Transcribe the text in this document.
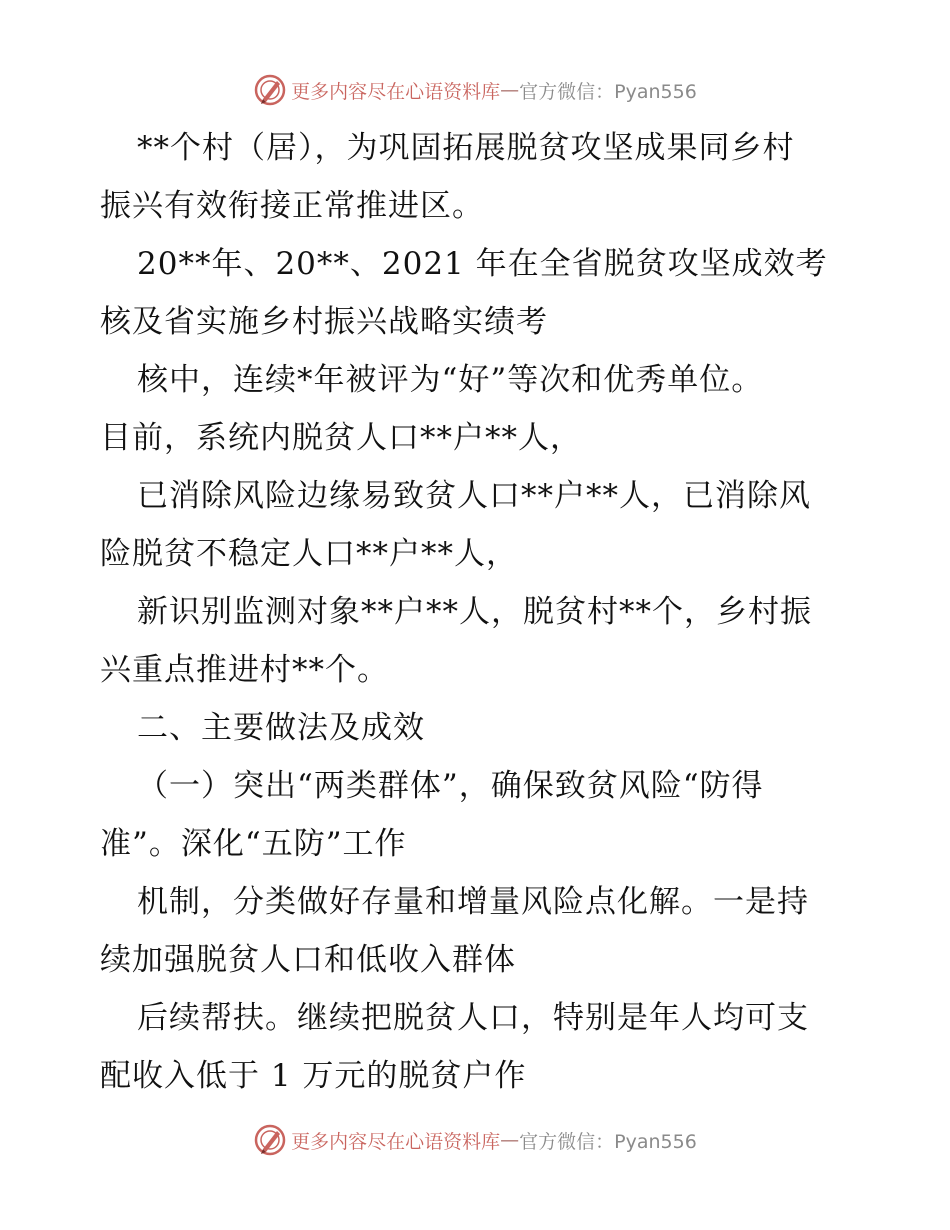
更多内容尽在心语资料库 — 官方微信：Pyan556
**个村（居），为巩固拓展脱贫攻坚成果同乡村
振兴有效衔接正常推进区。
20**年、20**、2021 年在全省脱贫攻坚成效考
核及省实施乡村振兴战略实绩考
核中，连续*年被评为“好”等次和优秀单位。
目前，系统内脱贫人口**户**人，
已消除风险边缘易致贫人口**户**人，已消除风
险脱贫不稳定人口**户**人，
新识别监测对象**户**人，脱贫村**个，乡村振
兴重点推进村**个。
二、主要做法及成效
（一）突出“两类群体”，确保致贫风险“防得
准”。深化“五防”工作
机制，分类做好存量和增量风险点化解。一是持
续加强脱贫人口和低收入群体
后续帮扶。继续把脱贫人口，特别是年人均可支
配收入低于 1 万元的脱贫户作
更多内容尽在心语资料库 — 官方微信：Pyan556
